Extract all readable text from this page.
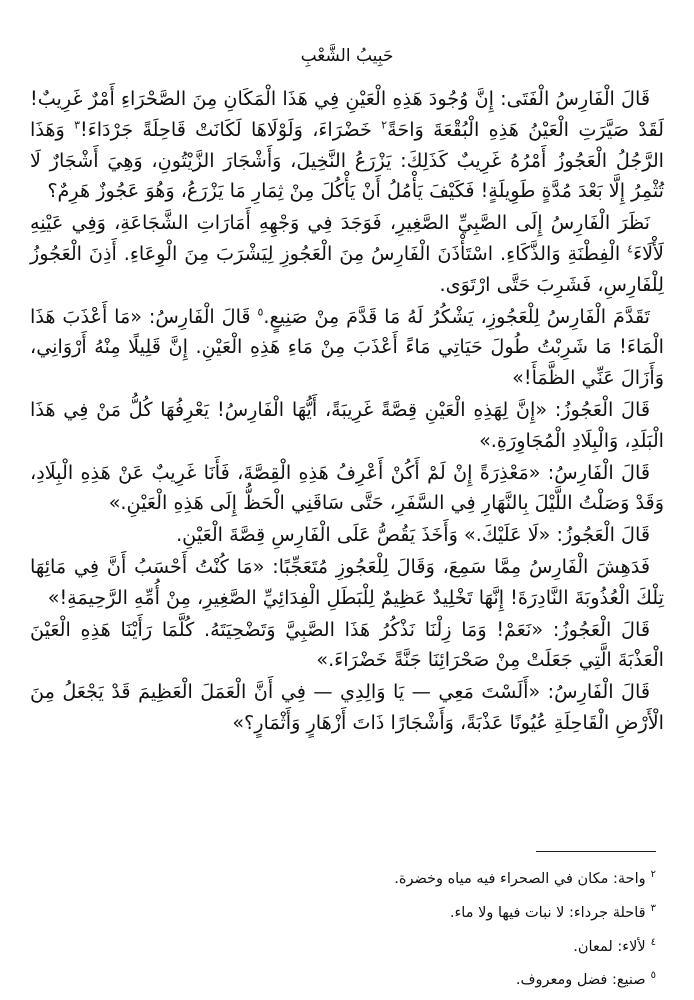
حَبِيبُ الشَّعْبِ

قَالَ الْفَارِسُ الْفَتَى: إِنَّ وُجُودَ هَذِهِ الْعَيْنِ فِي هَذَا الْمَكَانِ مِنَ الصَّحْرَاءِ أَمْرٌ غَرِيبٌ! لَقَدْ صَيَّرَتِ الْعَيْنُ هَذِهِ الْبُقْعَةَ وَاحَةً$^٢$ خَضْرَاءَ، وَلَوْلَاهَا لَكَانَتْ قَاحِلَةً جَرْدَاءَ!$^٣$ وَهَذَا الرَّجُلُ الْعَجُوزُ أَمْرُهُ غَرِيبٌ كَذَلِكَ: يَزْرَعُ النَّخِيلَ، وَأَشْجَارَ الزَّيْتُونِ، وَهِيَ أَشْجَارٌ لَا تُثْمِرُ إِلَّا بَعْدَ مُدَّةٍ طَوِيلَةٍ! فَكَيْفَ يَأْمُلُ أَنْ يَأْكُلَ مِنْ ثِمَارِ مَا يَزْرَعُ، وَهُوَ عَجُوزٌ هَرِمٌ؟

نَظَرَ الْفَارِسُ إِلَى الصَّبِيِّ الصَّغِيرِ، فَوَجَدَ فِي وَجْهِهِ أَمَارَاتِ الشَّجَاعَةِ، وَفِي عَيْنِهِ لَأْلَاءَ$^٤$ الْفِطْنَةِ وَالذَّكَاءِ. اسْتَأْذَنَ الْفَارِسُ مِنَ الْعَجُوزِ لِيَشْرَبَ مِنَ الْوِعَاءِ. أَذِنَ الْعَجُوزُ لِلْفَارِسِ، فَشَرِبَ حَتَّى ارْتَوَى.

تَقَدَّمَ الْفَارِسُ لِلْعَجُوزِ، يَشْكُرُ لَهُ مَا قَدَّمَ مِنْ صَنِيعٍ.$^٥$ قَالَ الْفَارِسُ: «مَا أَعْذَبَ هَذَا الْمَاءَ! مَا شَرِبْتُ طُولَ حَيَاتِي مَاءً أَعْذَبَ مِنْ مَاءِ هَذِهِ الْعَيْنِ. إِنَّ قَلِيلًا مِنْهُ أَرْوَانِي، وَأَزَالَ عَنِّي الظَّمَأَ!»

قَالَ الْعَجُوزُ: «إِنَّ لِهَذِهِ الْعَيْنِ قِصَّةً غَرِيبَةً، أَيُّهَا الْفَارِسُ! يَعْرِفُهَا كُلُّ مَنْ فِي هَذَا الْبَلَدِ، وَالْبِلَادِ الْمُجَاوِرَةِ.»

قَالَ الْفَارِسُ: «مَعْذِرَةً إِنْ لَمْ أَكُنْ أَعْرِفُ هَذِهِ الْقِصَّةَ، فَأَنَا غَرِيبٌ عَنْ هَذِهِ الْبِلَادِ، وَقَدْ وَصَلْتُ اللَّيْلَ بِالنَّهَارِ فِي السَّفَرِ، حَتَّى سَاقَنِي الْحَظُّ إِلَى هَذِهِ الْعَيْنِ.»

قَالَ الْعَجُوزُ: «لَا عَلَيْكَ.» وَأَخَذَ يَقُصُّ عَلَى الْفَارِسِ قِصَّةَ الْعَيْنِ.

فَدَهِشَ الْفَارِسُ مِمَّا سَمِعَ، وَقَالَ لِلْعَجُوزِ مُتَعَجِّبًا: «مَا كُنْتُ أَحْسَبُ أَنَّ فِي مَائِهَا تِلْكَ الْعُذُوبَةَ النَّادِرَةَ! إِنَّهَا تَخْلِيدٌ عَظِيمٌ لِلْبَطَلِ الْفِدَائِيِّ الصَّغِيرِ، مِنْ أُمِّهِ الرَّحِيمَةِ!»

قَالَ الْعَجُوزُ: «نَعَمْ! وَمَا زِلْنَا نَذْكُرُ هَذَا الصَّبِيَّ وَتَضْحِيَتَهُ. كُلَّمَا رَأَيْنَا هَذِهِ الْعَيْنَ الْعَذْبَةَ الَّتِي جَعَلَتْ مِنْ صَحْرَائِنَا جَنَّةً خَضْرَاءَ.»

قَالَ الْفَارِسُ: «أَلَسْتَ مَعِي — يَا وَالِدِي — فِي أَنَّ الْعَمَلَ الْعَظِيمَ قَدْ يَجْعَلُ مِنَ الْأَرْضِ الْقَاحِلَةِ عُيُونًا عَذْبَةً، وَأَشْجَارًا ذَاتَ أَزْهَارٍ وَأَثْمَارٍ؟»

$^٢$واحة: مكان في الصحراء فيه مياه وخضرة.
$^٣$قاحلة جرداء: لا نبات فيها ولا ماء.
$^٤$لألاء: لمعان.
$^٥$صنيع: فضل ومعروف.
